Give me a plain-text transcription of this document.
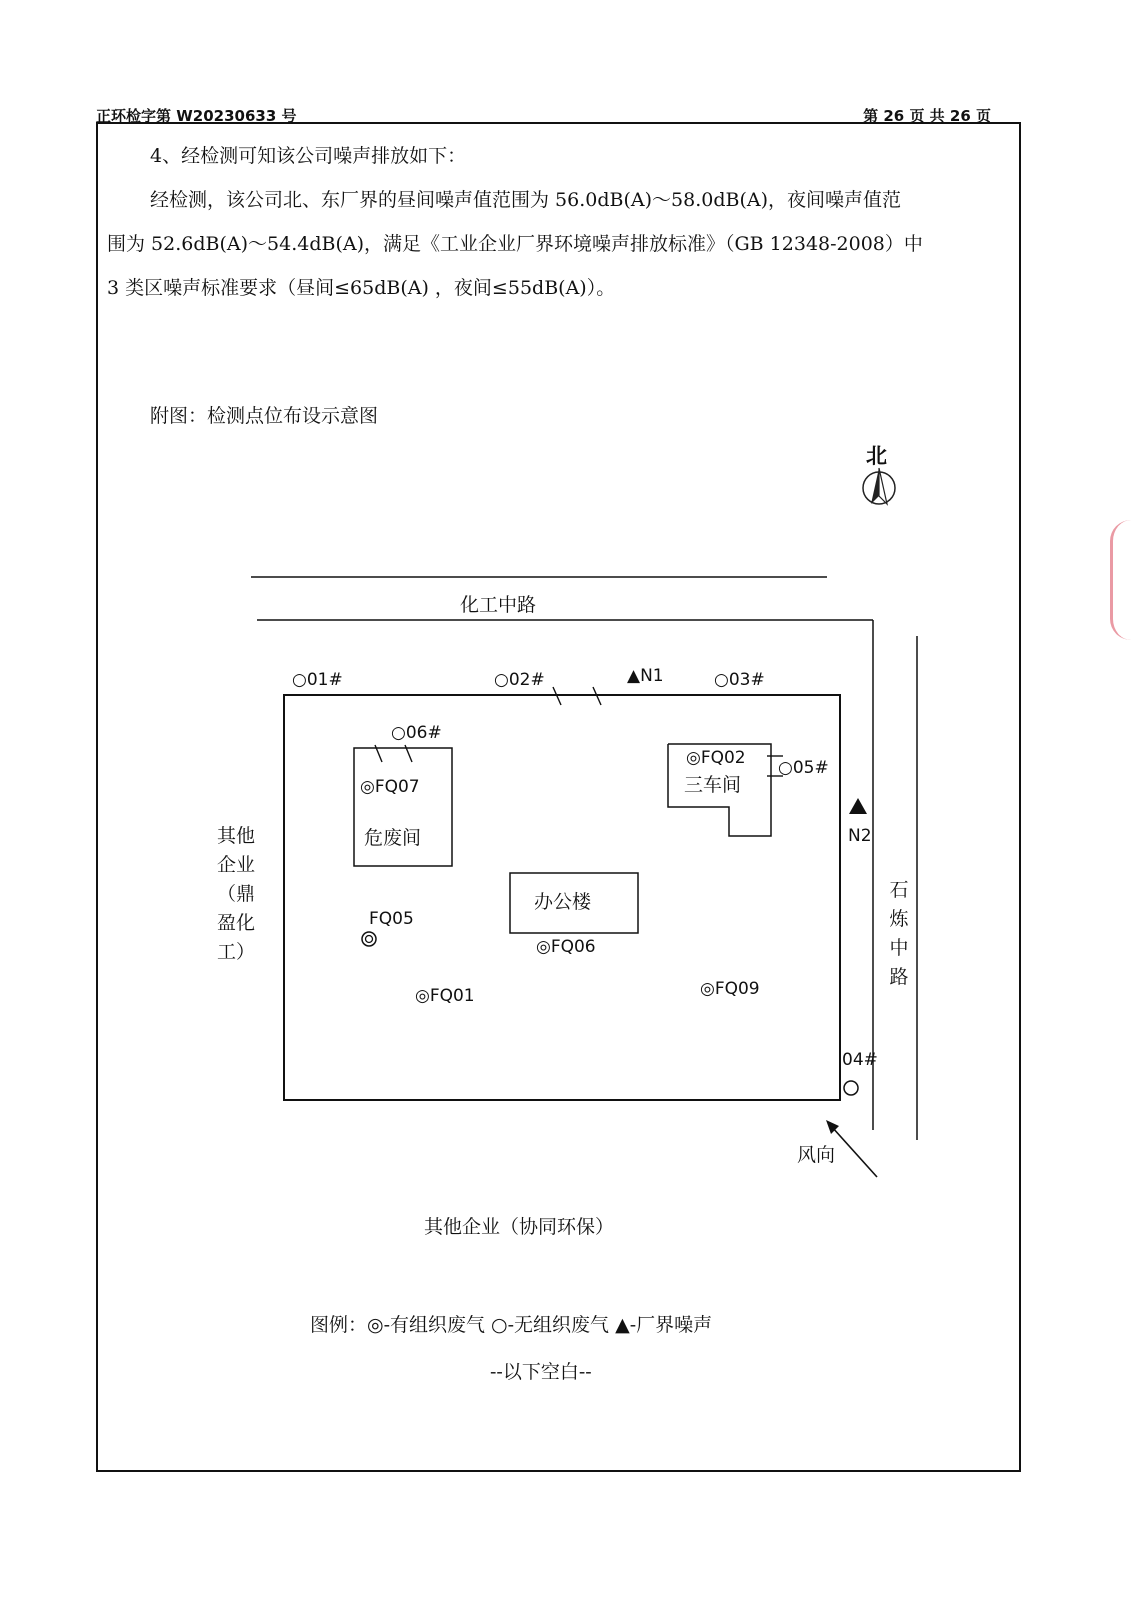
正环检字第 W20230633 号	第 26 页 共 26 页
4、经检测可知该公司噪声排放如下：
经检测，该公司北、东厂界的昼间噪声值范围为 56.0dB(A)～58.0dB(A)，夜间噪声值范
围为 52.6dB(A)～54.4dB(A)，满足《工业企业厂界环境噪声排放标准》（GB 12348-2008）中
3 类区噪声标准要求（昼间≤65dB(A) ，夜间≤55dB(A)）。
附图：检测点位布设示意图
北
化工中路
石炼中路
其他企业（鼎盈化工）
其他企业（协同环保）
危废间
三车间
办公楼
○01#	○02#	▲N1	○03#
○06#
◎FQ07
◎FQ02 ○05#
N2
FQ05
◎FQ06
◎FQ01	◎FQ09
04#
风向
图例：◎-有组织废气 ○-无组织废气 ▲-厂界噪声
--以下空白--
